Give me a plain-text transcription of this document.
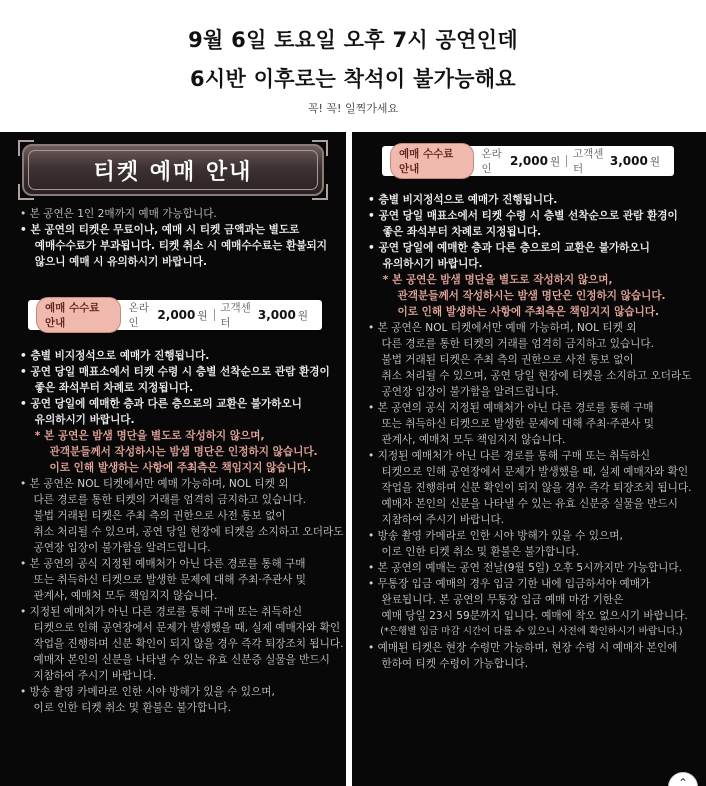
9월 6일 토요일 오후 7시 공연인데
6시반 이후로는 착석이 불가능해요
꼭! 꼭! 일찍가세요
티켓 예매 안내
• 본 공연은 1인 2매까지 예매 가능합니다.
• 본 공연의 티켓은 무료이나, 예매 시 티켓 금액과는 별도로
예매수수료가 부과됩니다. 티켓 취소 시 예매수수료는 환불되지
않으니 예매 시 유의하시기 바랍니다.
예매 수수료 안내
온라인
2,000 원
고객센터
3,000 원
• 층별 비지정석으로 예매가 진행됩니다.
• 공연 당일 매표소에서 티켓 수령 시 층별 선착순으로 관람 환경이
좋은 좌석부터 차례로 지정됩니다.
• 공연 당일에 예매한 층과 다른 층으로의 교환은 불가하오니
유의하시기 바랍니다.
* 본 공연은 밤샘 명단을 별도로 작성하지 않으며,
관객분들께서 작성하시는 밤샘 명단은 인정하지 않습니다.
이로 인해 발생하는 사항에 주최측은 책임지지 않습니다.
• 본 공연은 NOL 티켓에서만 예매 가능하며, NOL 티켓 외
다른 경로를 통한 티켓의 거래를 엄격히 금지하고 있습니다.
불법 거래된 티켓은 주최 측의 권한으로 사전 통보 없이
취소 처리될 수 있으며, 공연 당일 현장에 티켓을 소지하고 오더라도
공연장 입장이 불가함을 알려드립니다.
• 본 공연의 공식 지정된 예매처가 아닌 다른 경로를 통해 구매
또는 취득하신 티켓으로 발생한 문제에 대해 주최·주관사 및
관계사, 예매처 모두 책임지지 않습니다.
• 지정된 예매처가 아닌 다른 경로를 통해 구매 또는 취득하신
티켓으로 인해 공연장에서 문제가 발생했을 때, 실제 예매자와 확인
작업을 진행하며 신분 확인이 되지 않을 경우 즉각 퇴장조치 됩니다.
예매자 본인의 신분을 나타낼 수 있는 유효 신분증 실물을 반드시
지참하여 주시기 바랍니다.
• 방송 촬영 카메라로 인한 시야 방해가 있을 수 있으며,
이로 인한 티켓 취소 및 환불은 불가합니다.
예매 수수료 안내
온라인
2,000 원
고객센터
3,000 원
• 층별 비지정석으로 예매가 진행됩니다.
• 공연 당일 매표소에서 티켓 수령 시 층별 선착순으로 관람 환경이
좋은 좌석부터 차례로 지정됩니다.
• 공연 당일에 예매한 층과 다른 층으로의 교환은 불가하오니
유의하시기 바랍니다.
* 본 공연은 밤샘 명단을 별도로 작성하지 않으며,
관객분들께서 작성하시는 밤샘 명단은 인정하지 않습니다.
이로 인해 발생하는 사항에 주최측은 책임지지 않습니다.
• 본 공연은 NOL 티켓에서만 예매 가능하며, NOL 티켓 외
다른 경로를 통한 티켓의 거래를 엄격히 금지하고 있습니다.
불법 거래된 티켓은 주최 측의 권한으로 사전 통보 없이
취소 처리될 수 있으며, 공연 당일 현장에 티켓을 소지하고 오더라도
공연장 입장이 불가함을 알려드립니다.
• 본 공연의 공식 지정된 예매처가 아닌 다른 경로를 통해 구매
또는 취득하신 티켓으로 발생한 문제에 대해 주최·주관사 및
관계사, 예매처 모두 책임지지 않습니다.
• 지정된 예매처가 아닌 다른 경로를 통해 구매 또는 취득하신
티켓으로 인해 공연장에서 문제가 발생했을 때, 실제 예매자와 확인
작업을 진행하며 신분 확인이 되지 않을 경우 즉각 퇴장조치 됩니다.
예매자 본인의 신분을 나타낼 수 있는 유효 신분증 실물을 반드시
지참하여 주시기 바랍니다.
• 방송 촬영 카메라로 인한 시야 방해가 있을 수 있으며,
이로 인한 티켓 취소 및 환불은 불가합니다.
• 본 공연의 예매는 공연 전날(9월 5일) 오후 5시까지만 가능합니다.
• 무통장 입금 예매의 경우 입금 기한 내에 입금하셔야 예매가
완료됩니다. 본 공연의 무통장 입금 예매 마감 기한은
예매 당일 23시 59분까지 입니다. 예매에 착오 없으시기 바랍니다.
(*은행별 입금 마감 시간이 다를 수 있으니 사전에 확인하시기 바랍니다.)
• 예매된 티켓은 현장 수령만 가능하며, 현장 수령 시 예매자 본인에
한하여 티켓 수령이 가능합니다.
⌃
